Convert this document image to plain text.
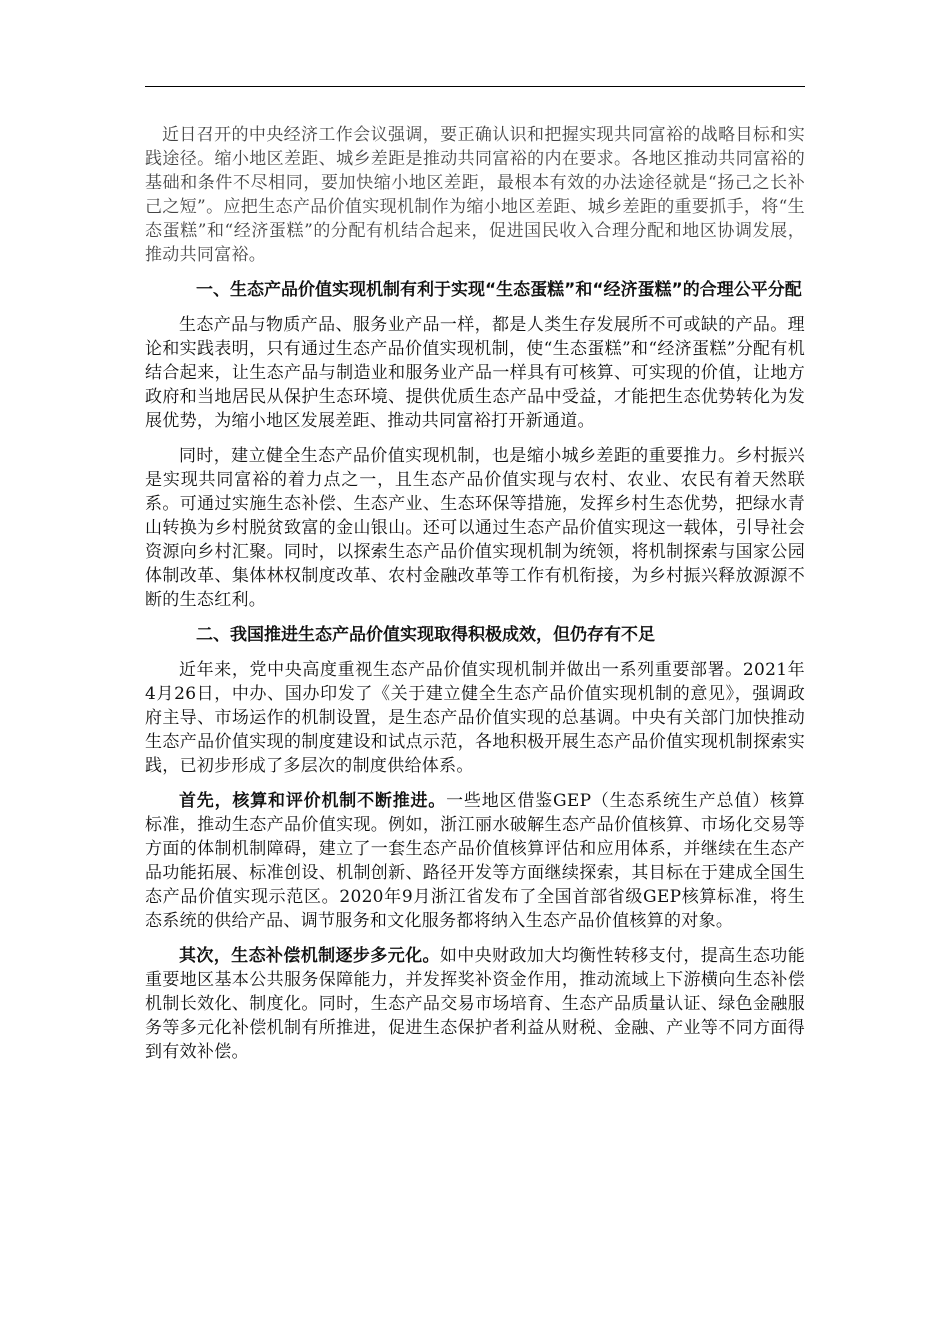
近日召开的中央经济工作会议强调，要正确认识和把握实现共同富裕的战略目标和实践途径。缩小地区差距、城乡差距是推动共同富裕的内在要求。各地区推动共同富裕的基础和条件不尽相同，要加快缩小地区差距，最根本有效的办法途径就是“扬己之长补己之短”。应把生态产品价值实现机制作为缩小地区差距、城乡差距的重要抓手，将“生态蛋糕”和“经济蛋糕”的分配有机结合起来，促进国民收入合理分配和地区协调发展，推动共同富裕。

一、生态产品价值实现机制有利于实现“生态蛋糕”和“经济蛋糕”的合理公平分配

生态产品与物质产品、服务业产品一样，都是人类生存发展所不可或缺的产品。理论和实践表明，只有通过生态产品价值实现机制，使“生态蛋糕”和“经济蛋糕”分配有机结合起来，让生态产品与制造业和服务业产品一样具有可核算、可实现的价值，让地方政府和当地居民从保护生态环境、提供优质生态产品中受益，才能把生态优势转化为发展优势，为缩小地区发展差距、推动共同富裕打开新通道。

同时，建立健全生态产品价值实现机制，也是缩小城乡差距的重要推力。乡村振兴是实现共同富裕的着力点之一，且生态产品价值实现与农村、农业、农民有着天然联系。可通过实施生态补偿、生态产业、生态环保等措施，发挥乡村生态优势，把绿水青山转换为乡村脱贫致富的金山银山。还可以通过生态产品价值实现这一载体，引导社会资源向乡村汇聚。同时，以探索生态产品价值实现机制为统领，将机制探索与国家公园体制改革、集体林权制度改革、农村金融改革等工作有机衔接，为乡村振兴释放源源不断的生态红利。

二、我国推进生态产品价值实现取得积极成效，但仍存有不足

近年来，党中央高度重视生态产品价值实现机制并做出一系列重要部署。2021年4月26日，中办、国办印发了《关于建立健全生态产品价值实现机制的意见》，强调政府主导、市场运作的机制设置，是生态产品价值实现的总基调。中央有关部门加快推动生态产品价值实现的制度建设和试点示范，各地积极开展生态产品价值实现机制探索实践，已初步形成了多层次的制度供给体系。

首先，核算和评价机制不断推进。一些地区借鉴GEP（生态系统生产总值）核算标准，推动生态产品价值实现。例如，浙江丽水破解生态产品价值核算、市场化交易等方面的体制机制障碍，建立了一套生态产品价值核算评估和应用体系，并继续在生态产品功能拓展、标准创设、机制创新、路径开发等方面继续探索，其目标在于建成全国生态产品价值实现示范区。2020年9月浙江省发布了全国首部省级GEP核算标准，将生态系统的供给产品、调节服务和文化服务都将纳入生态产品价值核算的对象。

其次，生态补偿机制逐步多元化。如中央财政加大均衡性转移支付，提高生态功能重要地区基本公共服务保障能力，并发挥奖补资金作用，推动流域上下游横向生态补偿机制长效化、制度化。同时，生态产品交易市场培育、生态产品质量认证、绿色金融服务等多元化补偿机制有所推进，促进生态保护者利益从财税、金融、产业等不同方面得到有效补偿。
